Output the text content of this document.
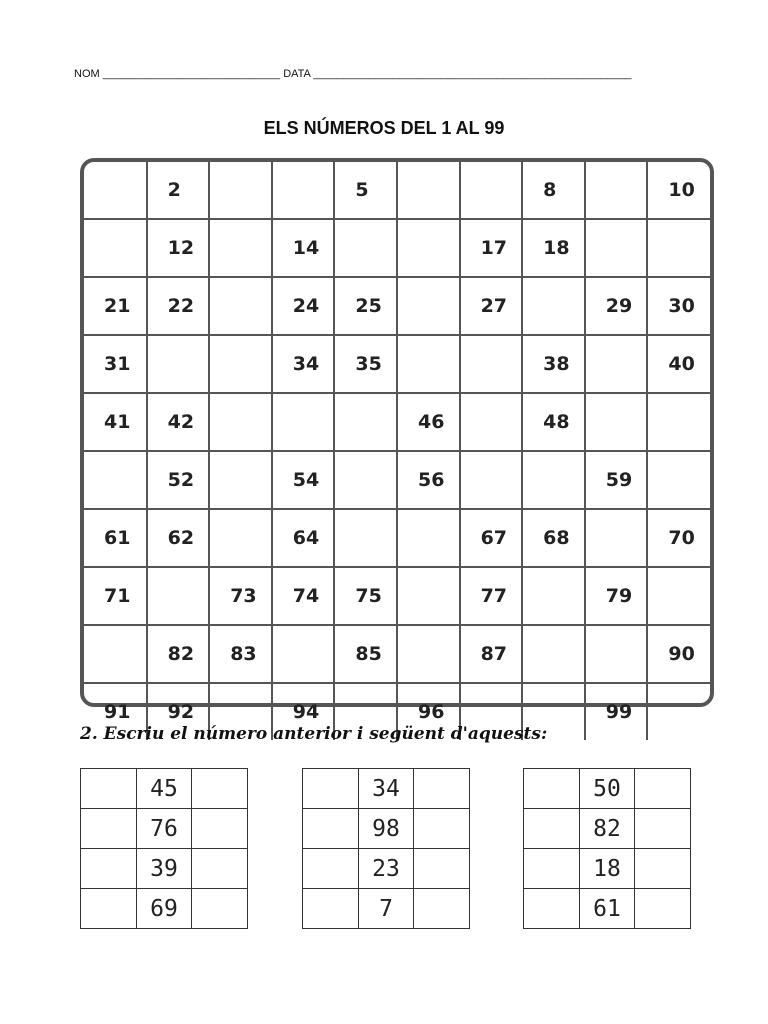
NOM _____________________________ DATA ____________________________________________________
ELS NÚMEROS DEL 1 AL 99
	2			5			8		10
	12		14			17	18		
21	22		24	25		27		29	30
31			34	35			38		40
41	42				46		48		
	52		54		56			59	
61	62		64			67	68		70
71		73	74	75		77		79	
	82	83		85		87			90
91	92		94		96			99	
2. Escriu el número anterior i següent d'aquests:
	45	
	76	
	39	
	69	
	34	
	98	
	23	
	7	
	50	
	82	
	18	
	61	
